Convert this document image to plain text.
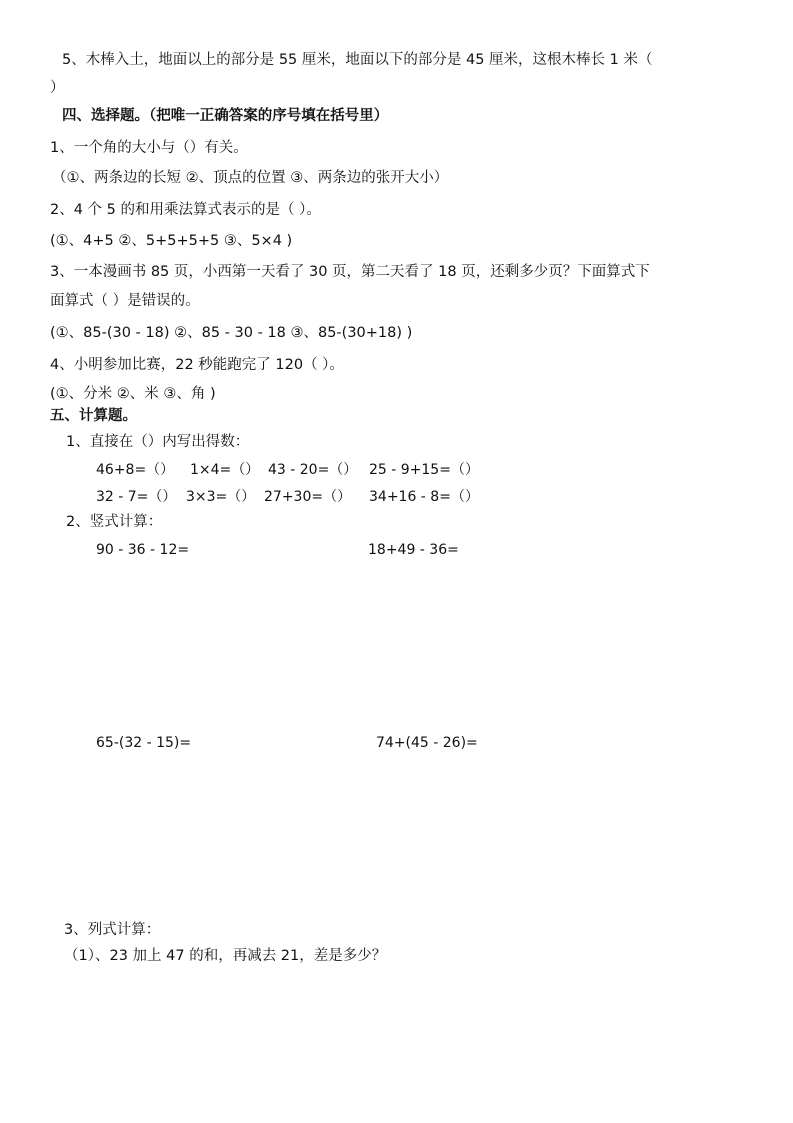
5、木棒入土，地面以上的部分是 55 厘米，地面以下的部分是 45 厘米，这根木棒长 1 米（
）
四、选择题。（把唯一正确答案的序号填在括号里）
1、一个角的大小与（）有关。
（①、两条边的长短 ②、顶点的位置 ③、两条边的张开大小）
2、4 个 5 的和用乘法算式表示的是（ ）。
(①、4+5 ②、5+5+5+5 ③、5×4 )
3、一本漫画书 85 页，小西第一天看了 30 页，第二天看了 18 页，还剩多少页？下面算式下
面算式（ ）是错误的。
(①、85-(30 - 18) ②、85 - 30 - 18 ③、85-(30+18) )
4、小明参加比赛，22 秒能跑完了 120（ ）。
(①、分米 ②、米 ③、角 )
五、计算题。
1、直接在（）内写出得数：
46+8=（） 1×4=（） 43 - 20=（） 25 - 9+15=（）
32 - 7=（） 3×3=（） 27+30=（） 34+16 - 8=（）
2、竖式计算：
90 - 36 - 12=	18+49 - 36=
65-(32 - 15)=	74+(45 - 26)=
3、列式计算：
（1）、23 加上 47 的和，再减去 21，差是多少？
